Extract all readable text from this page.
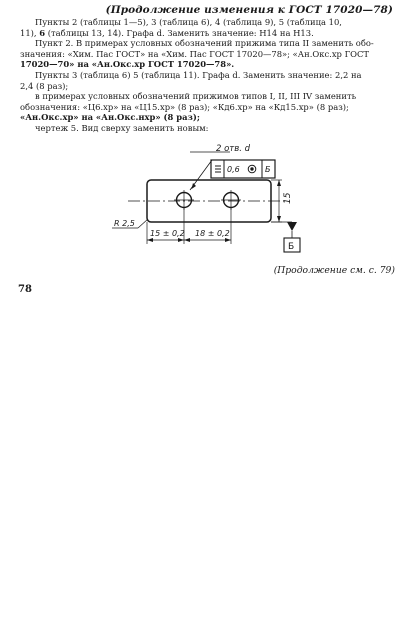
(Продолжение изменения к ГОСТ 17020—78)

Пункты 2 (таблицы 1—5), 3 (таблица 6), 4 (таблица 9), 5 (таблица 10,

11), 6 (таблицы 13, 14). Графа d. Заменить значение: H14 на H13.

Пункт 2. В примерах условных обозначений прижима типа II заменить обо-

значения: «Хим. Пас ГОСТ» на «Хим. Пас ГОСТ 17020—78»; «Ан.Окс.хр ГОСТ

17020—70» на «Ан.Окс.хр ГОСТ 17020—78».

Пункты 3 (таблица 6) 5 (таблица 11). Графа d. Заменить значение: 2,2 на

2,4 (8 раз);

в примерах условных обозначений прижимов типов I, II, III IV заменить

обозначения: «Ц6.хр» на «Ц15.хр» (8 раз); «Кд6.хр» на «Кд15.хр» (8 раз);

«Ан.Окс.хр» на «Ан.Окс.нхр» (8 раз);

чертеж 5. Вид сверху заменить новым:

2 отв. d
0,6	Б
15
R 2,5
15 ± 0,2 18 ± 0,2
Б
(Продолжение см. с. 79)
78
